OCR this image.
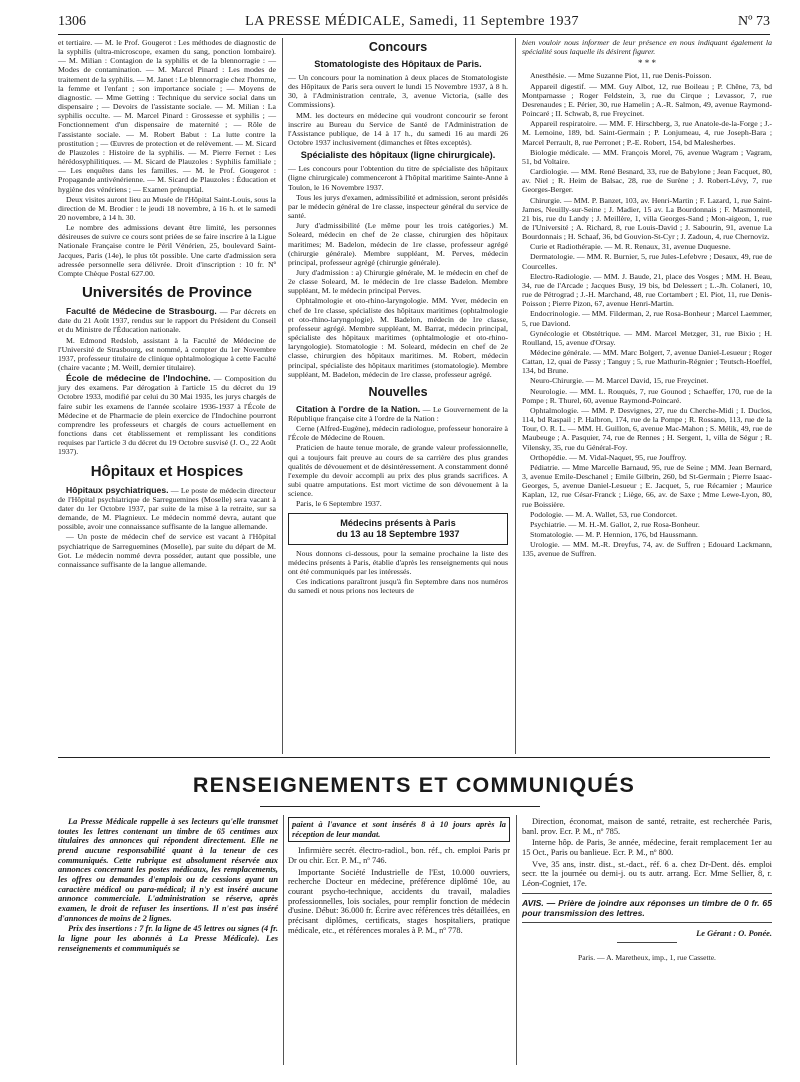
1306	LA PRESSE MÉDICALE, Samedi, 11 Septembre 1937	Nº 73

et tertiaire. — M. le Prof. Gougerot : Les méthodes de diagnostic de la syphilis (ultra-microscope, examen du sang, ponction lombaire). — M. Milian : Contagion de la syphilis et de la blennorragie : — Modes de contamination. — M. Marcel Pinard : Les modes de traitement de la syphilis. — M. Janet : Le blennorragie chez l'homme, la femme et l'enfant ; son importance sociale ; — Moyens de diagnostic. — Mme Getting : Technique du service social dans un dispensaire ; — Devoirs de l'assistante sociale. — M. Milian : La syphilis occulte. — M. Marcel Pinard : Grossesse et syphilis ; — Fonctionnement d'un dispensaire de maternité ; — Rôle de l'assistante sociale. — M. Robert Babut : La lutte contre la prostitution ; — Œuvres de protection et de relèvement. — M. Sicard de Plauzoles : Histoire de la syphilis. — M. Pierre Fernet : Les hérédosyphilitiques. — M. Sicard de Plauzoles : Syphilis familiale ; — Les enquêtes dans les familles. — M. le Prof. Gougerot : Propagande antivénérienne. — M. Sicard de Plauzoles : Éducation et hygiène des vénériens ; — Examen prénuptial.

Deux visites auront lieu au Musée de l'Hôpital Saint-Louis, sous la direction de M. Brodier : le jeudi 18 novembre, à 16 h. et le samedi 20 novembre, à 14 h. 30.

Le nombre des admissions devant être limité, les personnes désireuses de suivre ce cours sont priées de se faire inscrire à la Ligue Nationale Française contre le Péril Vénérien, 25, boulevard Saint-Jacques, Paris (14e), le plus tôt possible. Une carte d'admission sera adressée personnelle sera délivrée. Droit d'inscription : 10 fr. Nº Compte Chèque Postal 627.00.

Universités de Province

Faculté de Médecine de Strasbourg. — Par décrets en date du 21 Août 1937, rendus sur le rapport du Président du Conseil et du Ministre de l'Éducation nationale.

M. Edmond Redslob, assistant à la Faculté de Médecine de l'Université de Strasbourg, est nommé, à compter du 1er Novembre 1937, professeur titulaire de clinique ophtalmologique à cette Faculté (chaire vacante ; M. Weill, dernier titulaire).

École de médecine de l'Indochine. — Composition du jury des examens. Par dérogation à l'article 15 du décret du 19 Octobre 1933, modifié par celui du 30 Mai 1935, les jurys chargés de faire subir les examens de l'année scolaire 1936-1937 à l'École de Médecine et de Pharmacie de plein exercice de l'Indochine pourront comprendre les professeurs et chargés de cours actuellement en fonctions dans cet établissement et remplissant les conditions requises par l'article 3 du décret du 19 Octobre susvisé (J. O., 22 Août 1937).

Hôpitaux et Hospices

Hôpitaux psychiatriques. — Le poste de médecin directeur de l'Hôpital psychiatrique de Sarreguemines (Moselle) sera vacant à dater du 1er Octobre 1937, par suite de la mise à la retraite, sur sa demande, de M. Plagnieux. Le médecin nommé devra, autant que possible, avoir une connaissance suffisante de la langue allemande.

— Un poste de médecin chef de service est vacant à l'Hôpital psychiatrique de Sarreguemines (Moselle), par suite du départ de M. Got. Le médecin nommé devra posséder, autant que possible, une connaissance suffisante de la langue allemande.

Concours
Stomatologiste des Hôpitaux de Paris.

— Un concours pour la nomination à deux places de Stomatologiste des Hôpitaux de Paris sera ouvert le lundi 15 Novembre 1937, à 8 h. 30, à l'Administration centrale, 3, avenue Victoria, (salle des Commissions).

MM. les docteurs en médecine qui voudront concourir se feront inscrire au Bureau du Service de Santé de l'Administration de l'Assistance publique, de 14 à 17 h., du samedi 16 au mardi 26 Octobre 1937 inclusivement (dimanches et fêtes exceptés).

Spécialiste des hôpitaux (ligne chirurgicale).

— Les concours pour l'obtention du titre de spécialiste des hôpitaux (ligne chirurgicale) commenceront à l'hôpital maritime Sainte-Anne à Toulon, le 16 Novembre 1937.

Tous les jurys d'examen, admissibilité et admission, seront présidés par le médecin général de 1re classe, inspecteur général du service de santé.

Jury d'admissibilité (Le même pour les trois catégories.) M. Soleard, médecin en chef de 2e classe, chirurgien des hôpitaux maritimes; M. Badelon, médecin de 1re classe, professeur agrégé (chirurgie générale). Membre suppléant, M. Perves, médecin principal, professeur agrégé (chirurgie générale).

Jury d'admission : a) Chirurgie générale, M. le médecin en chef de 2e classe Soleard, M. le médecin de 1re classe Badelon. Membre suppléant, M. le médecin principal Perves.

Ophtalmologie et oto-rhino-laryngologie. MM. Yver, médecin en chef de 1re classe, spécialiste des hôpitaux maritimes (ophtalmologie et oto-rhino-laryngologie). M. Badelon, médecin de 1re classe, professeur agrégé. Membre suppléant, M. Barrat, médecin principal, spécialiste des hôpitaux maritimes (ophtalmologie et oto-rhino-laryngologie). Stomatologie : M. Soleard, médecin en chef de 2e classe, chirurgien des hôpitaux maritimes. M. Robert, médecin principal, spécialiste des hôpitaux maritimes (stomatologie). Membre suppléant, M. Badelon, médecin de 1re classe, professeur agrégé.

Nouvelles

Citation à l'ordre de la Nation. — Le Gouvernement de la République française cite à l'ordre de la Nation :

Cerne (Alfred-Eugène), médecin radiologue, professeur honoraire à l'École de Médecine de Rouen.

Praticien de haute tenue morale, de grande valeur professionnelle, qui a toujours fait preuve au cours de sa carrière des plus grandes qualités de dévouement et de désintéressement. A constamment donné l'exemple du devoir accompli au prix des plus grands sacrifices. A subi quatre amputations. Est mort victime de son dévouement à la science.

Paris, le 6 Septembre 1937.

Médecins présents à Paris
du 13 au 18 Septembre 1937

Nous donnons ci-dessous, pour la semaine prochaine la liste des médecins présents à Paris, établie d'après les renseignements qui nous ont été communiqués par les intéressés.

Ces indications paraîtront jusqu'à fin Septembre dans nos numéros du samedi et nous prions nos lecteurs de

bien vouloir nous informer de leur présence en nous indiquant également la spécialité sous laquelle ils désirent figurer.

* * *

Anesthésie. — Mme Suzanne Piot, 11, rue Denis-Poisson.

Appareil digestif. — MM. Guy Albot, 12, rue Boileau ; P. Chêne, 73, bd Montparnasse ; Roger Feldstein, 3, rue du Cirque ; Levassor, 7, rue Desrenaudes ; E. Périer, 30, rue Hamelin ; A.-R. Salmon, 49, avenue Raymond-Poincaré ; II. Schwab, 8, rue Freycinet.

Appareil respiratoire. — MM. F. Hirschberg, 3, rue Anatole-de-la-Forge ; J.-M. Lemoine, 189, bd. Saint-Germain ; P. Lonjumeau, 4, rue Joseph-Bara ; Marcel Perrault, 8, rue Perronet ; P.-E. Robert, 154, bd Malesherbes.

Biologie médicale. — MM. François Morel, 76, avenue Wagram ; Vagram, 51, bd Voltaire.

Cardiologie. — MM. René Besnard, 33, rue de Babylone ; Jean Facquet, 80, av. Niel ; R. Heim de Balsac, 28, rue de Surène ; J. Robert-Lévy, 7, rue Georges-Berger.

Chirurgie. — MM. P. Banzet, 103, av. Henri-Martin ; F. Lazard, 1, rue Saint-James, Neuilly-sur-Seine ; J. Madier, 15 av. La Bourdonnais ; F. Masmonteil, 21 bis, rue du Landy ; J. Meillère, 1, villa Georges-Sand ; Mon-aigeon, 1, rue de l'Université ; A. Richard, 8, rue Louis-David ; J. Sabourin, 91, avenue La Bourdonnais ; H. Schaaf, 36, bd Gouvion-St-Cyr ; J. Zadoun, 4, rue Chernoviz.

Curie et Radiothérapie. — M. R. Renaux, 31, avenue Duquesne.

Dermatologie. — MM. R. Burnier, 5, rue Jules-Lefebvre ; Desaux, 49, rue de Courcelles.

Electro-Radiologie. — MM. J. Baude, 21, place des Vosges ; MM. H. Beau, 34, rue de l'Arcade ; Jacques Busy, 19 bis, bd Delessert ; L.-Jh. Colaneri, 10, rue de Pétrograd ; J.-H. Marchand, 48, rue Cortambert ; El. Piot, 11, rue Denis-Poisson ; Pierre Pizon, 67, avenue Henri-Martin.

Endocrinologie. — MM. Filderman, 2, rue Rosa-Bonheur ; Marcel Laemmer, 5, rue Daviond.

Gynécologie et Obstétrique. — MM. Marcel Metzger, 31, rue Bixio ; H. Roulland, 15, avenue d'Orsay.

Médecine générale. — MM. Marc Bolgert, 7, avenue Daniel-Lesueur ; Roger Cattan, 12, quai de Passy ; Tanguy ; 5, rue Mathurin-Régnier ; Teutsch-Hoeffel, 134, bd Brune.

Neuro-Chirurgie. — M. Marcel David, 15, rue Freycinet.

Neurologie. — MM. L. Rouquès, 7, rue Gounod ; Schaeffer, 170, rue de la Pompe ; R. Thurel, 60, avenue Raymond-Poincaré.

Ophtalmologie. — MM. P. Desvignes, 27, rue du Cherche-Midi ; I. Duclos, 114, bd Raspail ; P. Halbron, 174, rue de la Pompe ; R. Rossano, 113, rue de la Tour, O. R. L. — MM. H. Guillon, 6, avenue Mac-Mahon ; S. Mélik, 49, rue de Maubeuge ; A. Pasquier, 74, rue de Rennes ; H. Sergent, 1, villa de Ségur ; R. Vilensky, 35, rue du Général-Foy.

Orthopédie. — M. Vidal-Naquet, 95, rue Jouffroy.

Pédiatrie. — Mme Marcelle Barnaud, 95, rue de Seine ; MM. Jean Bernard, 3, avenue Emile-Deschanel ; Emile Gilbrin, 260, bd St-Germain ; Pierre Isaac-Georges, 5, avenue Daniel-Lesueur ; E. Jacquet, 5, rue Récamier ; Maurice Kaplan, 12, rue César-Franck ; Liège, 66, av. de Saxe ; Mme Lewe-Lyon, 80, rue Boissière.

Podologie. — M. A. Wallet, 53, rue Condorcet.

Psychiatrie. — M. H.-M. Gallot, 2, rue Rosa-Bonheur.

Stomatologie. — M. P. Hennion, 176, bd Haussmann.

Urologie. — MM. M.-R. Dreyfus, 74, av. de Suffren ; Edouard Lackmann, 135, avenue de Suffren.

RENSEIGNEMENTS ET COMMUNIQUÉS

La Presse Médicale rappelle à ses lecteurs qu'elle transmet toutes les lettres contenant un timbre de 65 centimes aux titulaires des annonces qui répondent directement. Elle ne prend aucune responsabilité quant à la teneur de ces communiqués. Cette rubrique est absolument réservée aux annonces concernant les postes médicaux, les remplacements, les offres ou demandes d'emplois ou de cessions ayant un caractère médical ou para-médical; il n'y est inséré aucune annonce commerciale. L'administration se réserve, après examen, le droit de refuser les insertions. Il n'est pas inséré d'annonces de moins de 2 lignes.

Prix des insertions : 7 fr. la ligne de 45 lettres ou signes (4 fr. la ligne pour les abonnés à La Presse Médicale). Les renseignements et communiqués se

paient à l'avance et sont insérés 8 à 10 jours après la réception de leur mandat.

Infirmière secrét. électro-radiol., bon. réf., ch. emploi Paris pr Dr ou chir. Ecr. P. M., nº 746.

Importante Société Industrielle de l'Est, 10.000 ouvriers, recherche Docteur en médecine, préférence diplômé 10e, au courant psycho-technique, accidents du travail, maladies professionnelles, lois sociales, pour remplir fonction de médecin d'usine. Début: 36.000 fr. Écrire avec références très détaillées, en précisant diplômes, certificats, stages hospitaliers, pratique médicale, etc., et références morales à P. M., nº 778.

Direction, économat, maison de santé, retraite, est recherchée Paris, banl. prov. Ecr. P. M., nº 785.

Interne hôp. de Paris, 3e année, médecine, ferait remplacement 1er au 15 Oct., Paris ou banlieue. Ecr. P. M., nº 800.

Vve, 35 ans, instr. dist., st.-dact., réf. 6 a. chez Dr-Dent. dés. emploi secr. tte la journée ou demi-j. ou ts autr. arrang. Ecr. Mme Sellier, 8, r. Léon-Cogniet, 17e.

AVIS. — Prière de joindre aux réponses un timbre de 0 fr. 65 pour transmission des lettres.
Le Gérant : O. Ponée.
Paris. — A. Maretheux, imp., 1, rue Cassette.
